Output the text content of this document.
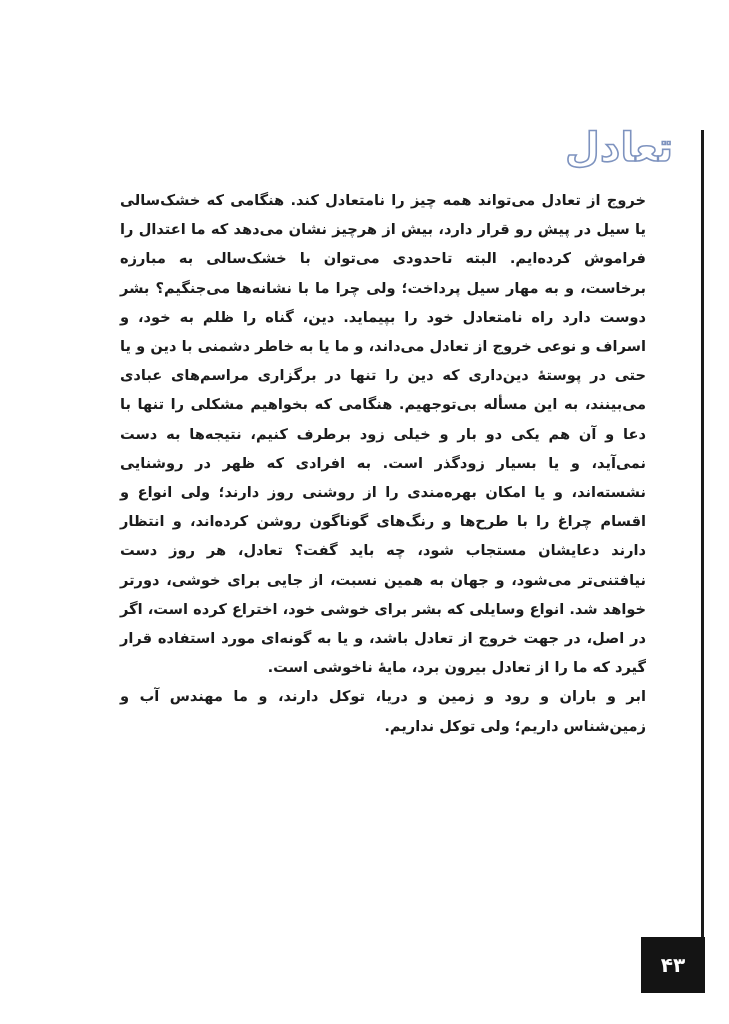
تعادل

خروج از تعادل می‌تواند همه چیز را نامتعادل کند. هنگامی که خشک‌سالی یا سیل در پیش رو قرار دارد، بیش از هرچیز نشان می‌دهد که ما اعتدال را فراموش کرده‌ایم. البته تاحدودی می‌توان با خشک‌سالی به مبارزه برخاست، و به مهار سیل پرداخت؛ ولی چرا ما با نشانه‌ها می‌جنگیم؟ بشر دوست دارد راه نامتعادل خود را بپیماید. دین، گناه را ظلم به خود، و اسراف و نوعی خروج از تعادل می‌داند، و ما یا به خاطر دشمنی با دین و یا حتی در پوستهٔ دین‌داری که دین را تنها در برگزاری مراسم‌های عبادی می‌بینند، به این مسأله بی‌توجهیم. هنگامی که بخواهیم مشکلی را تنها با دعا و آن هم یکی دو بار و خیلی زود برطرف کنیم، نتیجه‌ها به دست نمی‌آید، و یا بسیار زودگذر است. به افرادی که ظهر در روشنایی نشسته‌اند، و یا امکان بهره‌مندی را از روشنی روز دارند؛ ولی انواع و اقسام چراغ را با طرح‌ها و رنگ‌های گوناگون روشن کرده‌اند، و انتظار دارند دعایشان مستجاب شود، چه باید گفت؟ تعادل، هر روز دست نیافتنی‌تر می‌شود، و جهان به همین نسبت، از جایی برای خوشی، دورتر خواهد شد. انواع وسایلی که بشر برای خوشی خود، اختراع کرده است، اگر در اصل، در جهت خروج از تعادل باشد، و یا به گونه‌ای مورد استفاده قرار گیرد که ما را از تعادل بیرون برد، مایهٔ ناخوشی است.

ابر و باران و رود و زمین و دریا، توکل دارند، و ما مهندس آب و زمین‌شناس داریم؛ ولی توکل نداریم.

۴۳
